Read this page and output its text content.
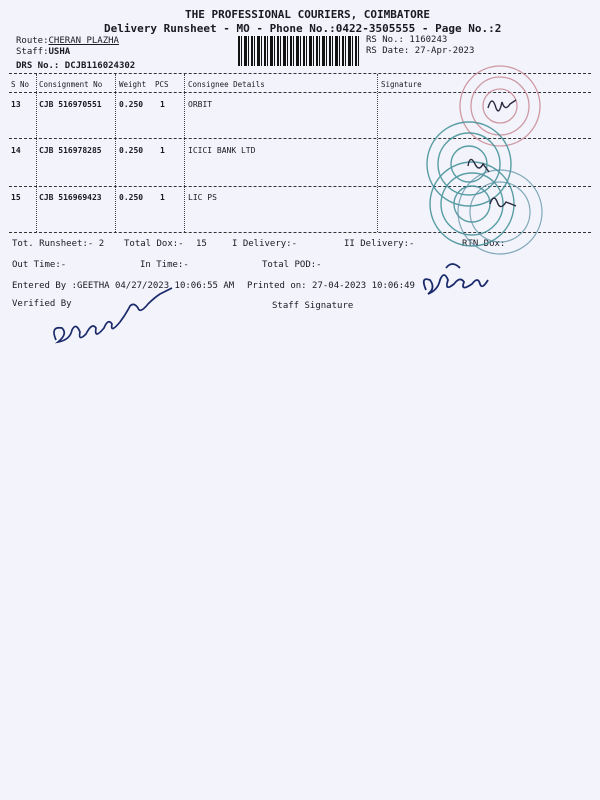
THE PROFESSIONAL COURIERS, COIMBATORE
Delivery Runsheet - MO - Phone No.:0422-3505555 - Page No.:2
Route:CHERAN PLAZHA
Staff:USHA
DRS No.: DCJB116024302
RS No.: 1160243
RS Date: 27-Apr-2023
S No Consignment No Weight PCS	Consignee Details	Signature
13 CJB 516970551 0.250 1	ORBIT
14 CJB 516978285 0.250 1	ICICI BANK LTD
15 CJB 516969423 0.250 1	LIC PS
Tot. Runsheet:- 2 Total Dox:- 15	I Delivery:-	II Delivery:-	RTN Dox:
Out Time:-	In Time:-	Total POD:-
Entered By :GEETHA 04/27/2023 10:06:55 AM Printed on: 27-04-2023 10:06:49
Verified By	Staff Signature
